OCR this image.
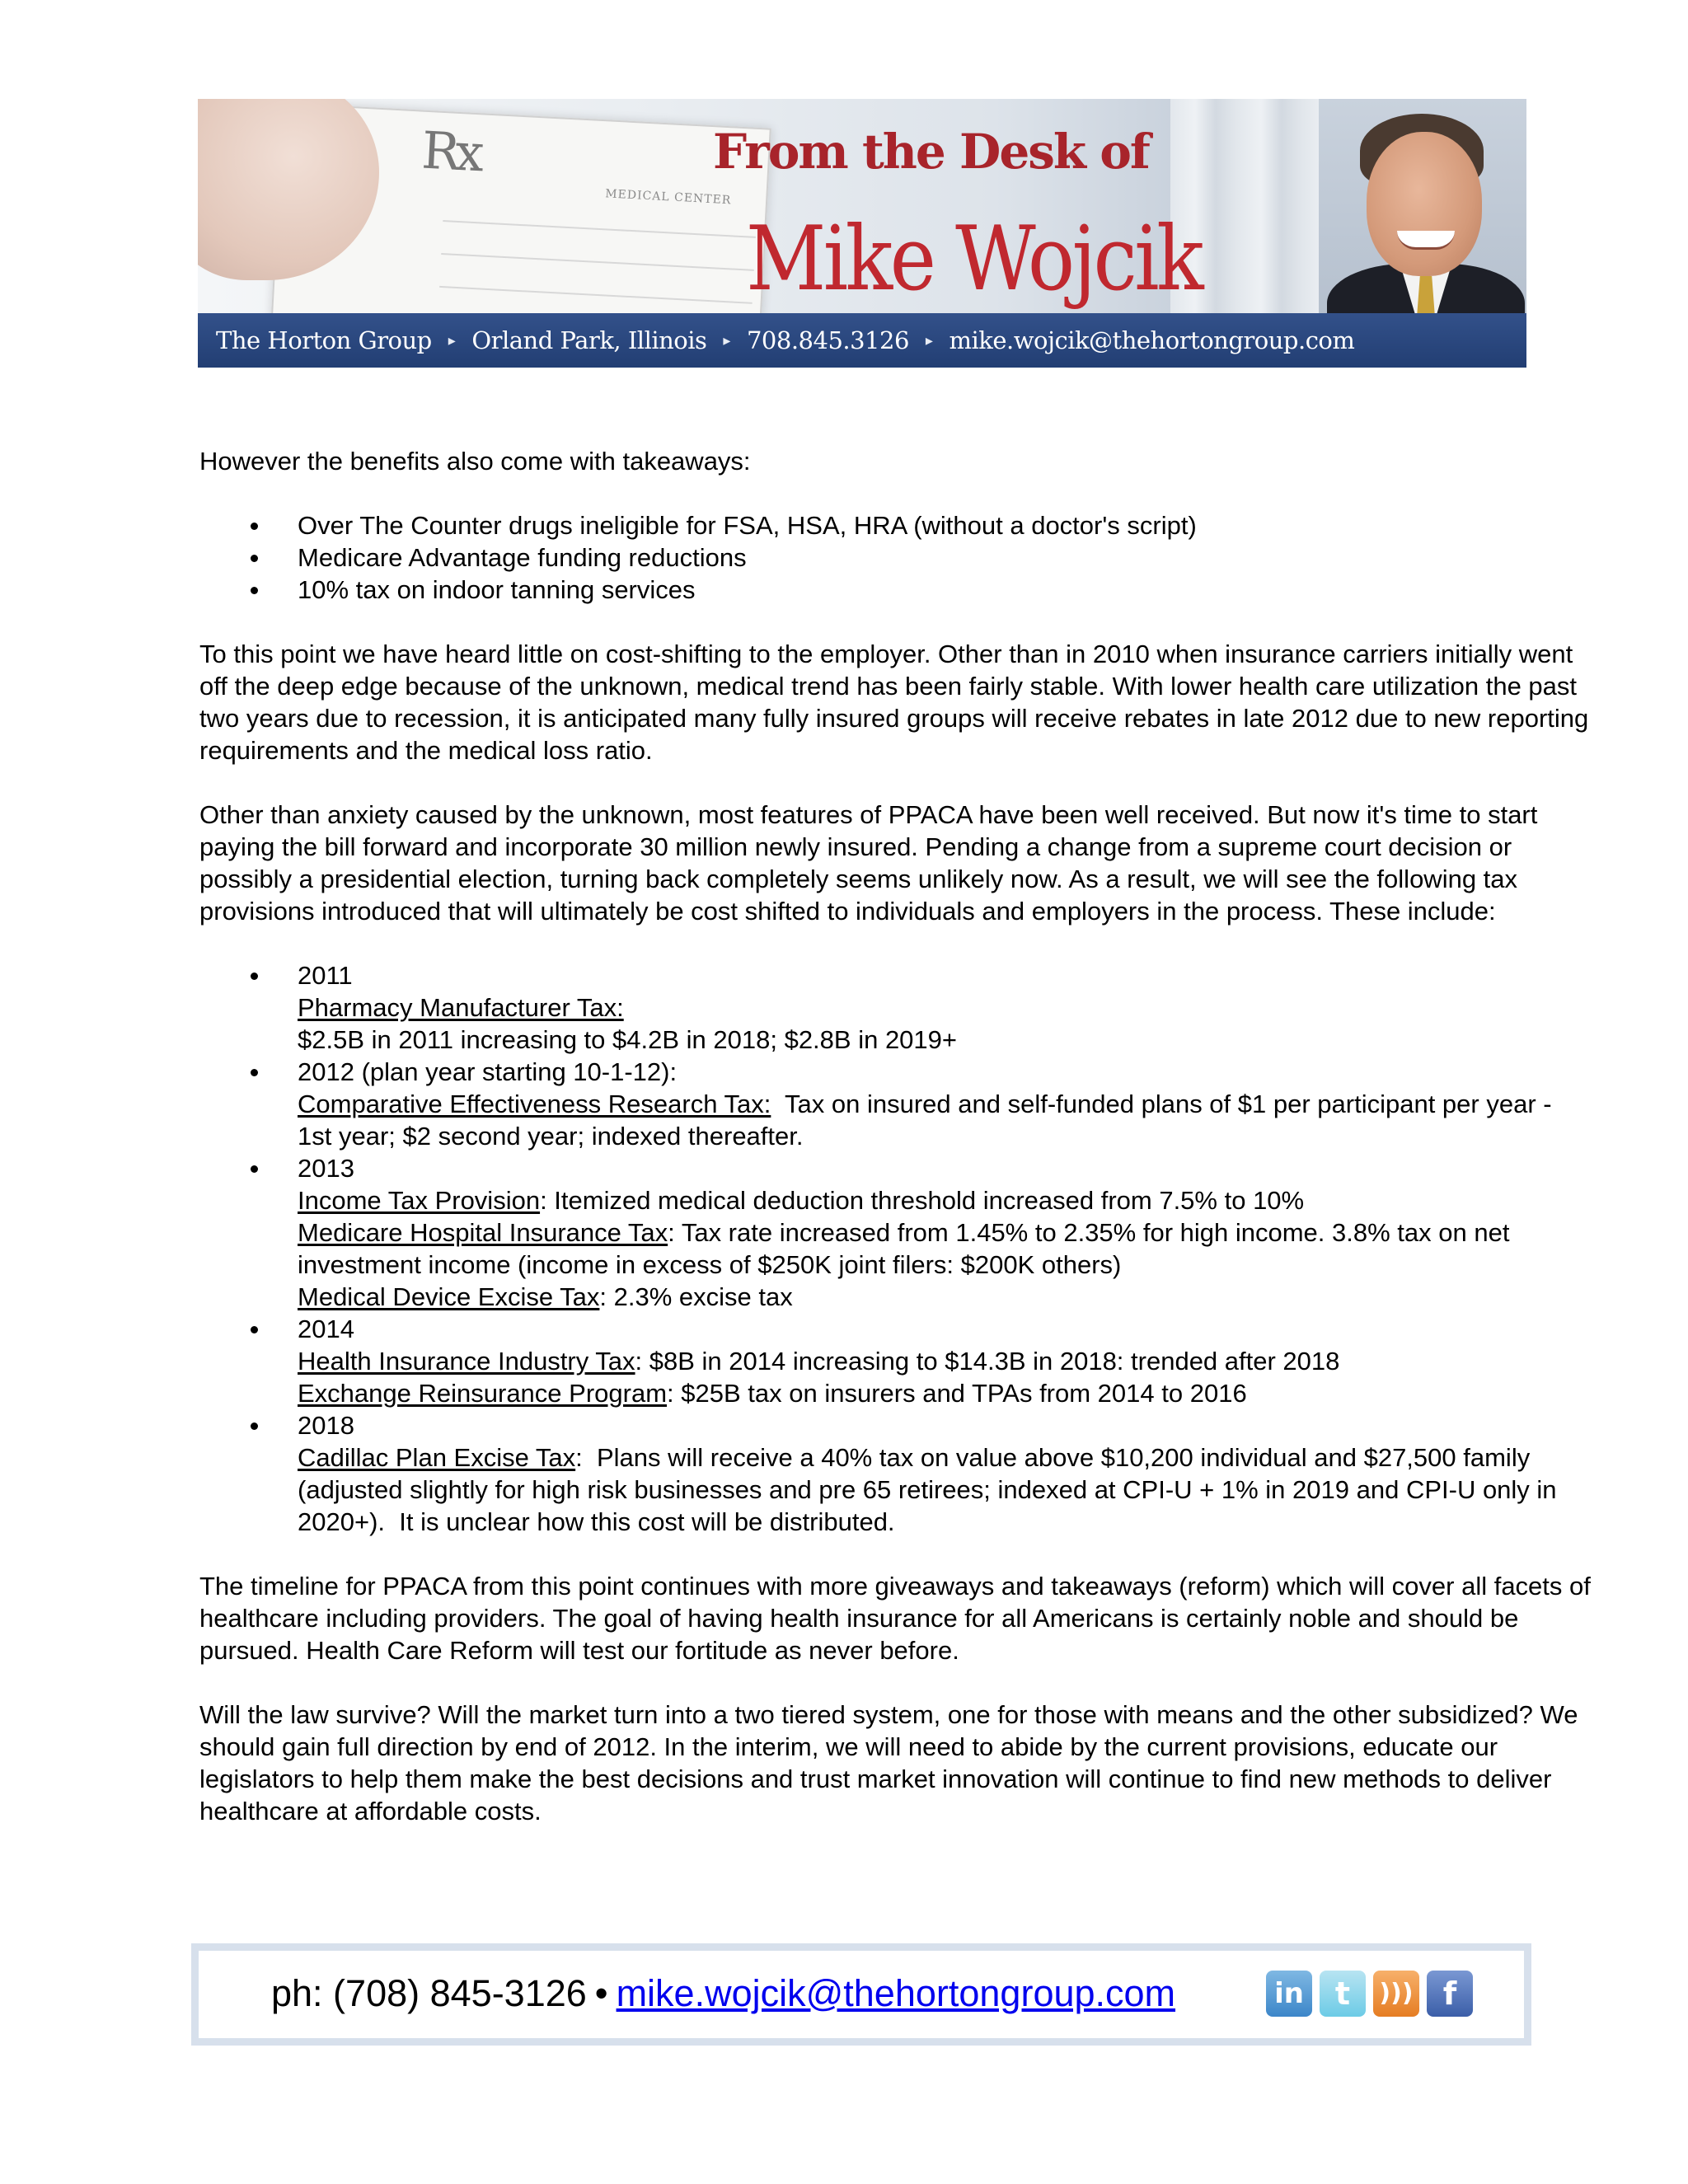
Rx
MEDICAL CENTER
From the Desk of
Mike Wojcik
The Horton Group ▸ Orland Park, Illinois ▸ 708.845.3126 ▸ mike.wojcik@thehortongroup.com

However the benefits also come with takeaways:

Over The Counter drugs ineligible for FSA, HSA, HRA (without a doctor's script)
Medicare Advantage funding reductions
10% tax on indoor tanning services

To this point we have heard little on cost-shifting to the employer. Other than in 2010 when insurance carriers initially went off the deep edge because of the unknown, medical trend has been fairly stable. With lower health care utilization the past two years due to recession, it is anticipated many fully insured groups will receive rebates in late 2012 due to new reporting requirements and the medical loss ratio.

Other than anxiety caused by the unknown, most features of PPACA have been well received. But now it's time to start paying the bill forward and incorporate 30 million newly insured. Pending a change from a supreme court decision or possibly a presidential election, turning back completely seems unlikely now. As a result, we will see the following tax provisions introduced that will ultimately be cost shifted to individuals and employers in the process. These include:

2011
Pharmacy Manufacturer Tax:
$2.5B in 2011 increasing to $4.2B in 2018; $2.8B in 2019+
2012 (plan year starting 10-1-12):
Comparative Effectiveness Research Tax:  Tax on insured and self-funded plans of $1 per participant per year - 1st year; $2 second year; indexed thereafter.
2013
Income Tax Provision: Itemized medical deduction threshold increased from 7.5% to 10%
Medicare Hospital Insurance Tax: Tax rate increased from 1.45% to 2.35% for high income. 3.8% tax on net investment income (income in excess of $250K joint filers: $200K others)
Medical Device Excise Tax: 2.3% excise tax
2014
Health Insurance Industry Tax: $8B in 2014 increasing to $14.3B in 2018: trended after 2018
Exchange Reinsurance Program: $25B tax on insurers and TPAs from 2014 to 2016
2018
Cadillac Plan Excise Tax:  Plans will receive a 40% tax on value above $10,200 individual and $27,500 family (adjusted slightly for high risk businesses and pre 65 retirees; indexed at CPI-U + 1% in 2019 and CPI-U only in 2020+).  It is unclear how this cost will be distributed.

The timeline for PPACA from this point continues with more giveaways and takeaways (reform) which will cover all facets of healthcare including providers. The goal of having health insurance for all Americans is certainly noble and should be pursued. Health Care Reform will test our fortitude as never before.

Will the law survive? Will the market turn into a two tiered system, one for those with means and the other subsidized? We should gain full direction by end of 2012. In the interim, we will need to abide by the current provisions, educate our legislators to help them make the best decisions and trust market innovation will continue to find new methods to deliver healthcare at affordable costs.

ph: (708) 845-3126 • mike.wojcik@thehortongroup.com	in t	))) f
